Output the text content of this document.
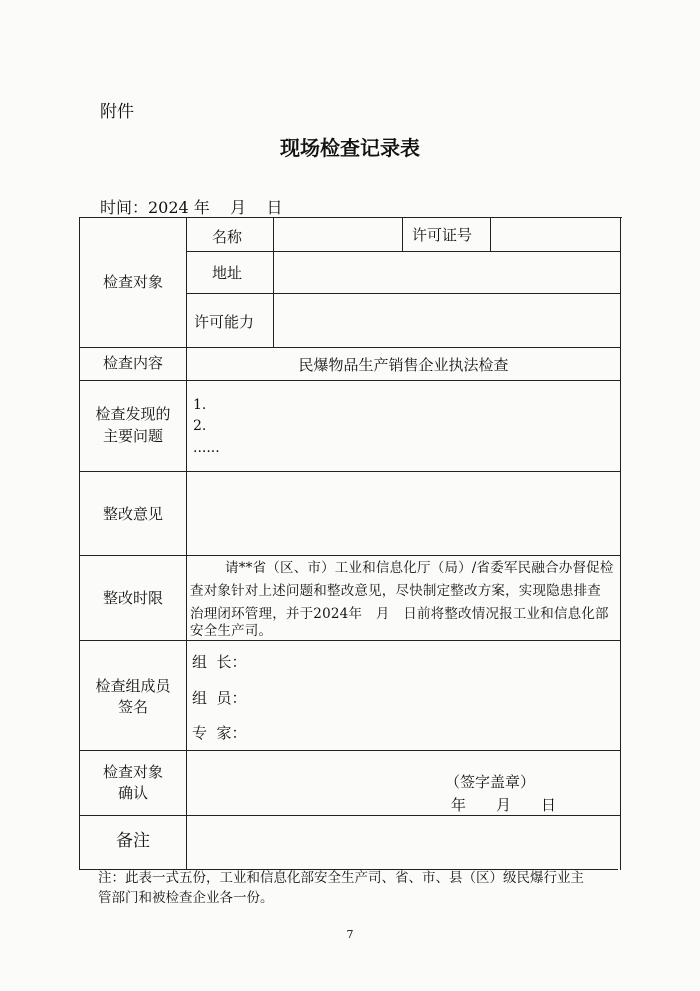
附件
现场检查记录表
时间：2024 年    月    日
检查对象
名称	许可证号
地址
许可能力
检查内容	民爆物品生产销售企业执法检查
检查发现的
主要问题
1.
2.
......
整改意见
整改时限
请**省（区、市）工业和信息化厅（局）/省委军民融合办督促检
查对象针对上述问题和整改意见，尽快制定整改方案，实现隐患排查
治理闭环管理，并于2024年　月　日前将整改情况报工业和信息化部
安全生产司。
检查组成员
签名
组  长：
组  员：
专  家：
检查对象
确认
（签字盖章）
年　　月　　日
备注
注：此表一式五份，工业和信息化部安全生产司、省、市、县（区）级民爆行业主
管部门和被检查企业各一份。
7
